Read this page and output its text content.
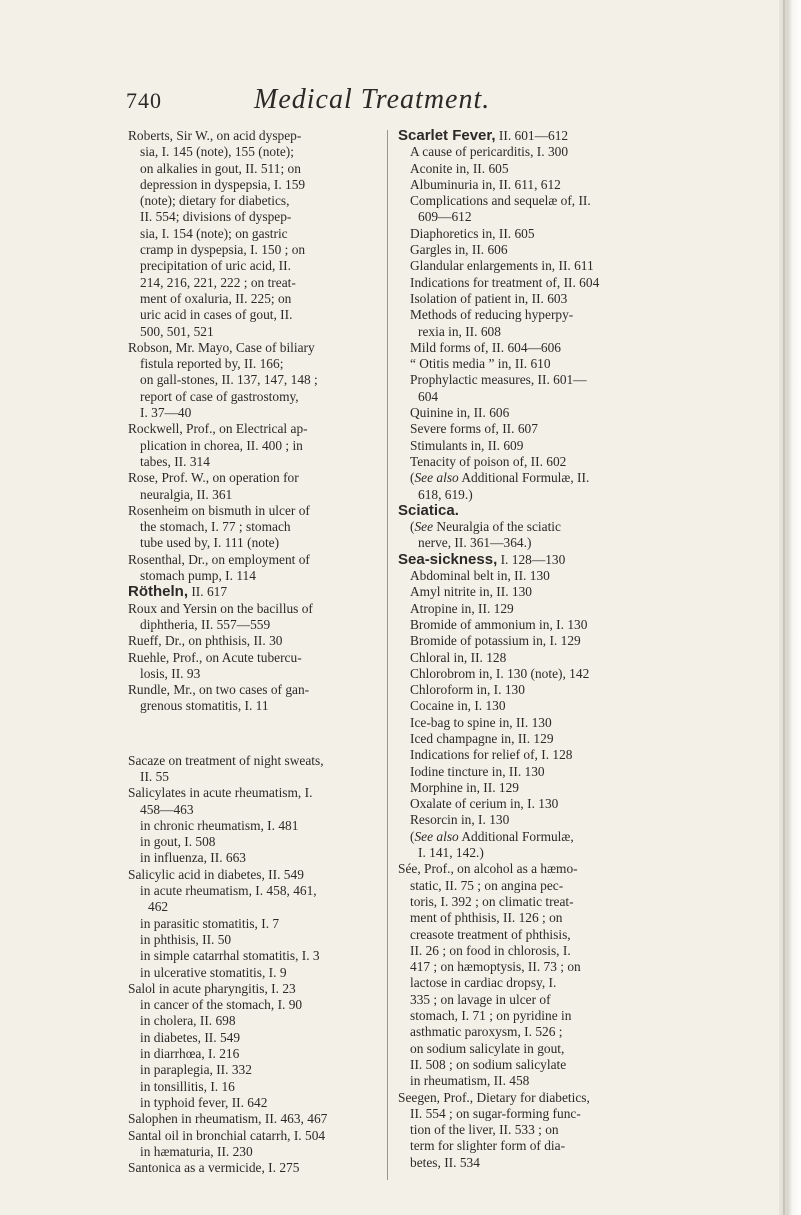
740	Medical Treatment.
Roberts, Sir W., on acid dyspep-
sia, I. 145 (note), 155 (note);
on alkalies in gout, II. 511; on
depression in dyspepsia, I. 159
(note); dietary for diabetics,
II. 554; divisions of dyspep-
sia, I. 154 (note); on gastric
cramp in dyspepsia, I. 150 ; on
precipitation of uric acid, II.
214, 216, 221, 222 ; on treat-
ment of oxaluria, II. 225; on
uric acid in cases of gout, II.
500, 501, 521
Robson, Mr. Mayo, Case of biliary
fistula reported by, II. 166;
on gall-stones, II. 137, 147, 148 ;
report of case of gastrostomy,
I. 37—40
Rockwell, Prof., on Electrical ap-
plication in chorea, II. 400 ; in
tabes, II. 314
Rose, Prof. W., on operation for
neuralgia, II. 361
Rosenheim on bismuth in ulcer of
the stomach, I. 77 ; stomach
tube used by, I. 111 (note)
Rosenthal, Dr., on employment of
stomach pump, I. 114
Rötheln, II. 617
Roux and Yersin on the bacillus of
diphtheria, II. 557—559
Rueff, Dr., on phthisis, II. 30
Ruehle, Prof., on Acute tubercu-
losis, II. 93
Rundle, Mr., on two cases of gan-
grenous stomatitis, I. 11
Sacaze on treatment of night sweats,
II. 55
Salicylates in acute rheumatism, I.
458—463
in chronic rheumatism, I. 481
in gout, I. 508
in influenza, II. 663
Salicylic acid in diabetes, II. 549
in acute rheumatism, I. 458, 461,
462
in parasitic stomatitis, I. 7
in phthisis, II. 50
in simple catarrhal stomatitis, I. 3
in ulcerative stomatitis, I. 9
Salol in acute pharyngitis, I. 23
in cancer of the stomach, I. 90
in cholera, II. 698
in diabetes, II. 549
in diarrhœa, I. 216
in paraplegia, II. 332
in tonsillitis, I. 16
in typhoid fever, II. 642
Salophen in rheumatism, II. 463, 467
Santal oil in bronchial catarrh, I. 504
in hæmaturia, II. 230
Santonica as a vermicide, I. 275
Scarlet Fever, II. 601—612
A cause of pericarditis, I. 300
Aconite in, II. 605
Albuminuria in, II. 611, 612
Complications and sequelæ of, II.
609—612
Diaphoretics in, II. 605
Gargles in, II. 606
Glandular enlargements in, II. 611
Indications for treatment of, II. 604
Isolation of patient in, II. 603
Methods of reducing hyperpy-
rexia in, II. 608
Mild forms of, II. 604—606
“ Otitis media ” in, II. 610
Prophylactic measures, II. 601—
604
Quinine in, II. 606
Severe forms of, II. 607
Stimulants in, II. 609
Tenacity of poison of, II. 602
(See also Additional Formulæ, II.
618, 619.)
Sciatica.
(See Neuralgia of the sciatic
nerve, II. 361—364.)
Sea-sickness, I. 128—130
Abdominal belt in, II. 130
Amyl nitrite in, II. 130
Atropine in, II. 129
Bromide of ammonium in, I. 130
Bromide of potassium in, I. 129
Chloral in, II. 128
Chlorobrom in, I. 130 (note), 142
Chloroform in, I. 130
Cocaine in, I. 130
Ice-bag to spine in, II. 130
Iced champagne in, II. 129
Indications for relief of, I. 128
Iodine tincture in, II. 130
Morphine in, II. 129
Oxalate of cerium in, I. 130
Resorcin in, I. 130
(See also Additional Formulæ,
I. 141, 142.)
Sée, Prof., on alcohol as a hæmo-
static, II. 75 ; on angina pec-
toris, I. 392 ; on climatic treat-
ment of phthisis, II. 126 ; on
creasote treatment of phthisis,
II. 26 ; on food in chlorosis, I.
417 ; on hæmoptysis, II. 73 ; on
lactose in cardiac dropsy, I.
335 ; on lavage in ulcer of
stomach, I. 71 ; on pyridine in
asthmatic paroxysm, I. 526 ;
on sodium salicylate in gout,
II. 508 ; on sodium salicylate
in rheumatism, II. 458
Seegen, Prof., Dietary for diabetics,
II. 554 ; on sugar-forming func-
tion of the liver, II. 533 ; on
term for slighter form of dia-
betes, II. 534
